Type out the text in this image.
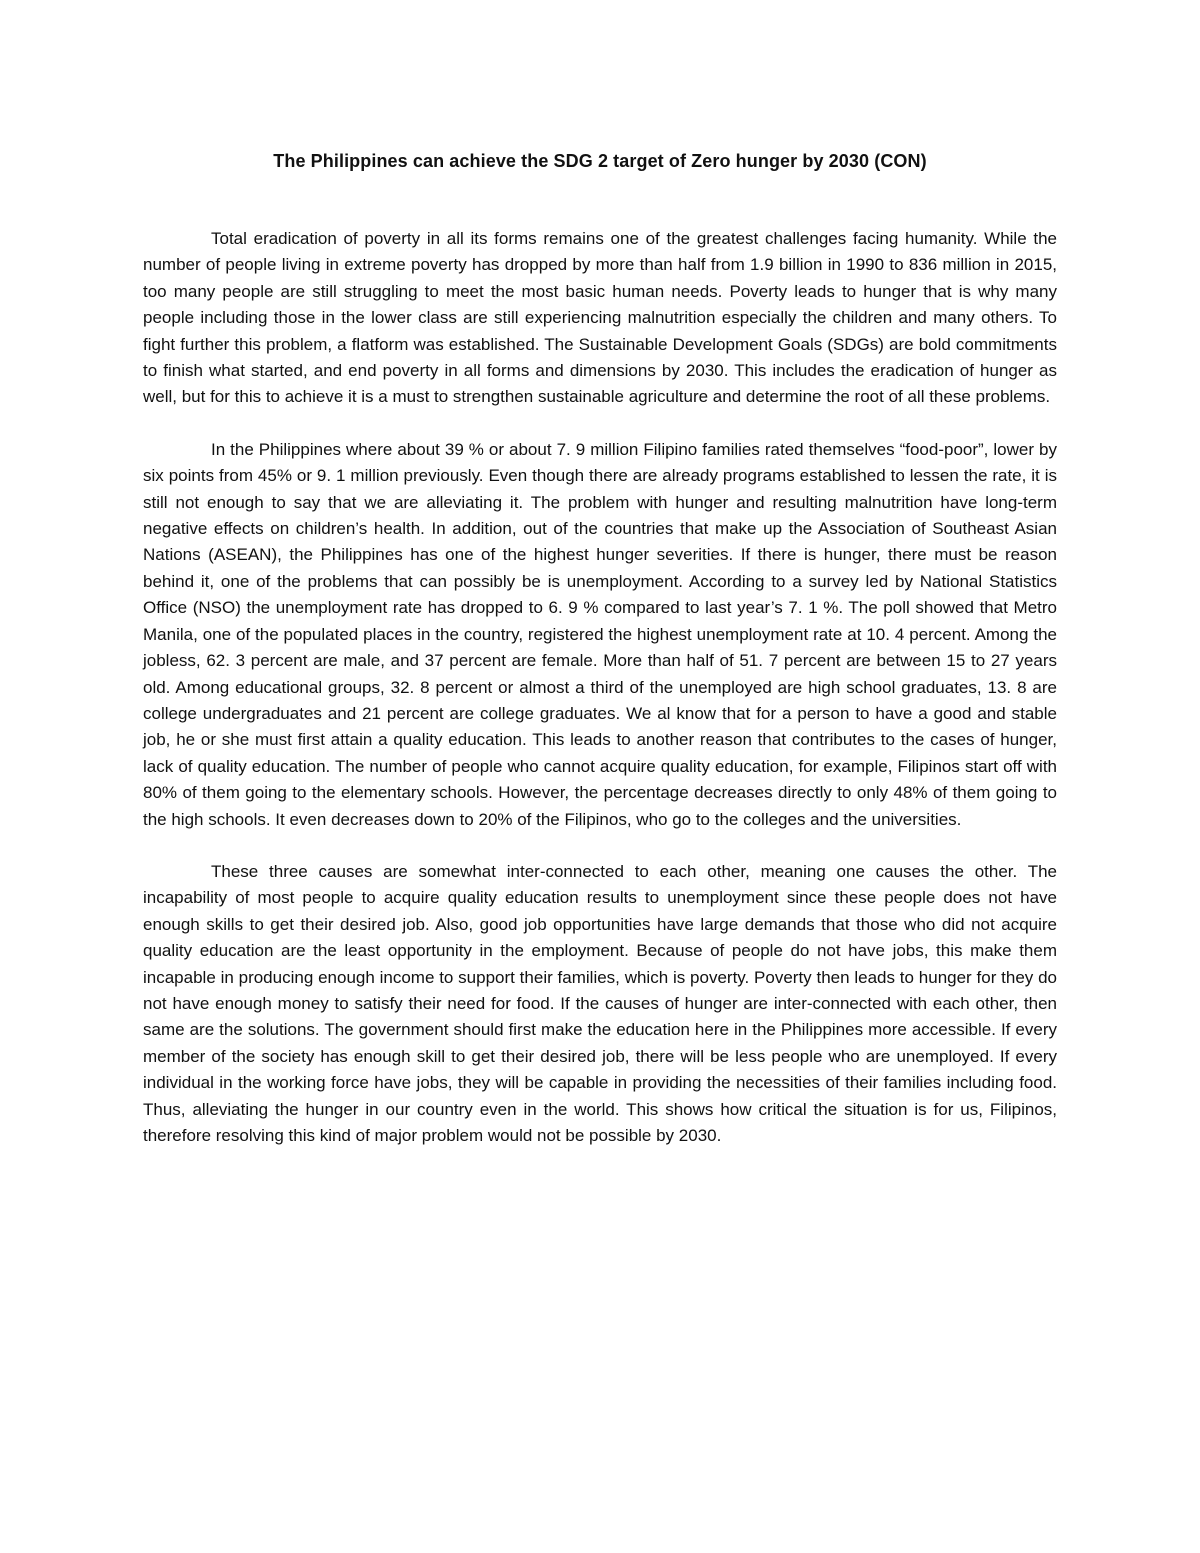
The Philippines can achieve the SDG 2 target of Zero hunger by 2030 (CON)

Total eradication of poverty in all its forms remains one of the greatest challenges facing humanity. While the number of people living in extreme poverty has dropped by more than half from 1.9 billion in 1990 to 836 million in 2015, too many people are still struggling to meet the most basic human needs. Poverty leads to hunger that is why many people including those in the lower class are still experiencing malnutrition especially the children and many others. To fight further this problem, a flatform was established. The Sustainable Development Goals (SDGs) are bold commitments to finish what started, and end poverty in all forms and dimensions by 2030. This includes the eradication of hunger as well, but for this to achieve it is a must to strengthen sustainable agriculture and determine the root of all these problems.

In the Philippines where about 39 % or about 7. 9 million Filipino families rated themselves “food-poor”, lower by six points from 45% or 9. 1 million previously. Even though there are already programs established to lessen the rate, it is still not enough to say that we are alleviating it. The problem with hunger and resulting malnutrition have long-term negative effects on children’s health. In addition, out of the countries that make up the Association of Southeast Asian Nations (ASEAN), the Philippines has one of the highest hunger severities. If there is hunger, there must be reason behind it, one of the problems that can possibly be is unemployment. According to a survey led by National Statistics Office (NSO) the unemployment rate has dropped to 6. 9 % compared to last year’s 7. 1 %. The poll showed that Metro Manila, one of the populated places in the country, registered the highest unemployment rate at 10. 4 percent. Among the jobless, 62. 3 percent are male, and 37 percent are female. More than half of 51. 7 percent are between 15 to 27 years old. Among educational groups, 32. 8 percent or almost a third of the unemployed are high school graduates, 13. 8 are college undergraduates and 21 percent are college graduates. We al know that for a person to have a good and stable job, he or she must first attain a quality education. This leads to another reason that contributes to the cases of hunger, lack of quality education. The number of people who cannot acquire quality education, for example, Filipinos start off with 80% of them going to the elementary schools. However, the percentage decreases directly to only 48% of them going to the high schools. It even decreases down to 20% of the Filipinos, who go to the colleges and the universities.

These three causes are somewhat inter-connected to each other, meaning one causes the other. The incapability of most people to acquire quality education results to unemployment since these people does not have enough skills to get their desired job. Also, good job opportunities have large demands that those who did not acquire quality education are the least opportunity in the employment. Because of people do not have jobs, this make them incapable in producing enough income to support their families, which is poverty. Poverty then leads to hunger for they do not have enough money to satisfy their need for food. If the causes of hunger are inter-connected with each other, then same are the solutions. The government should first make the education here in the Philippines more accessible. If every member of the society has enough skill to get their desired job, there will be less people who are unemployed. If every individual in the working force have jobs, they will be capable in providing the necessities of their families including food. Thus, alleviating the hunger in our country even in the world. This shows how critical the situation is for us, Filipinos, therefore resolving this kind of major problem would not be possible by 2030.
